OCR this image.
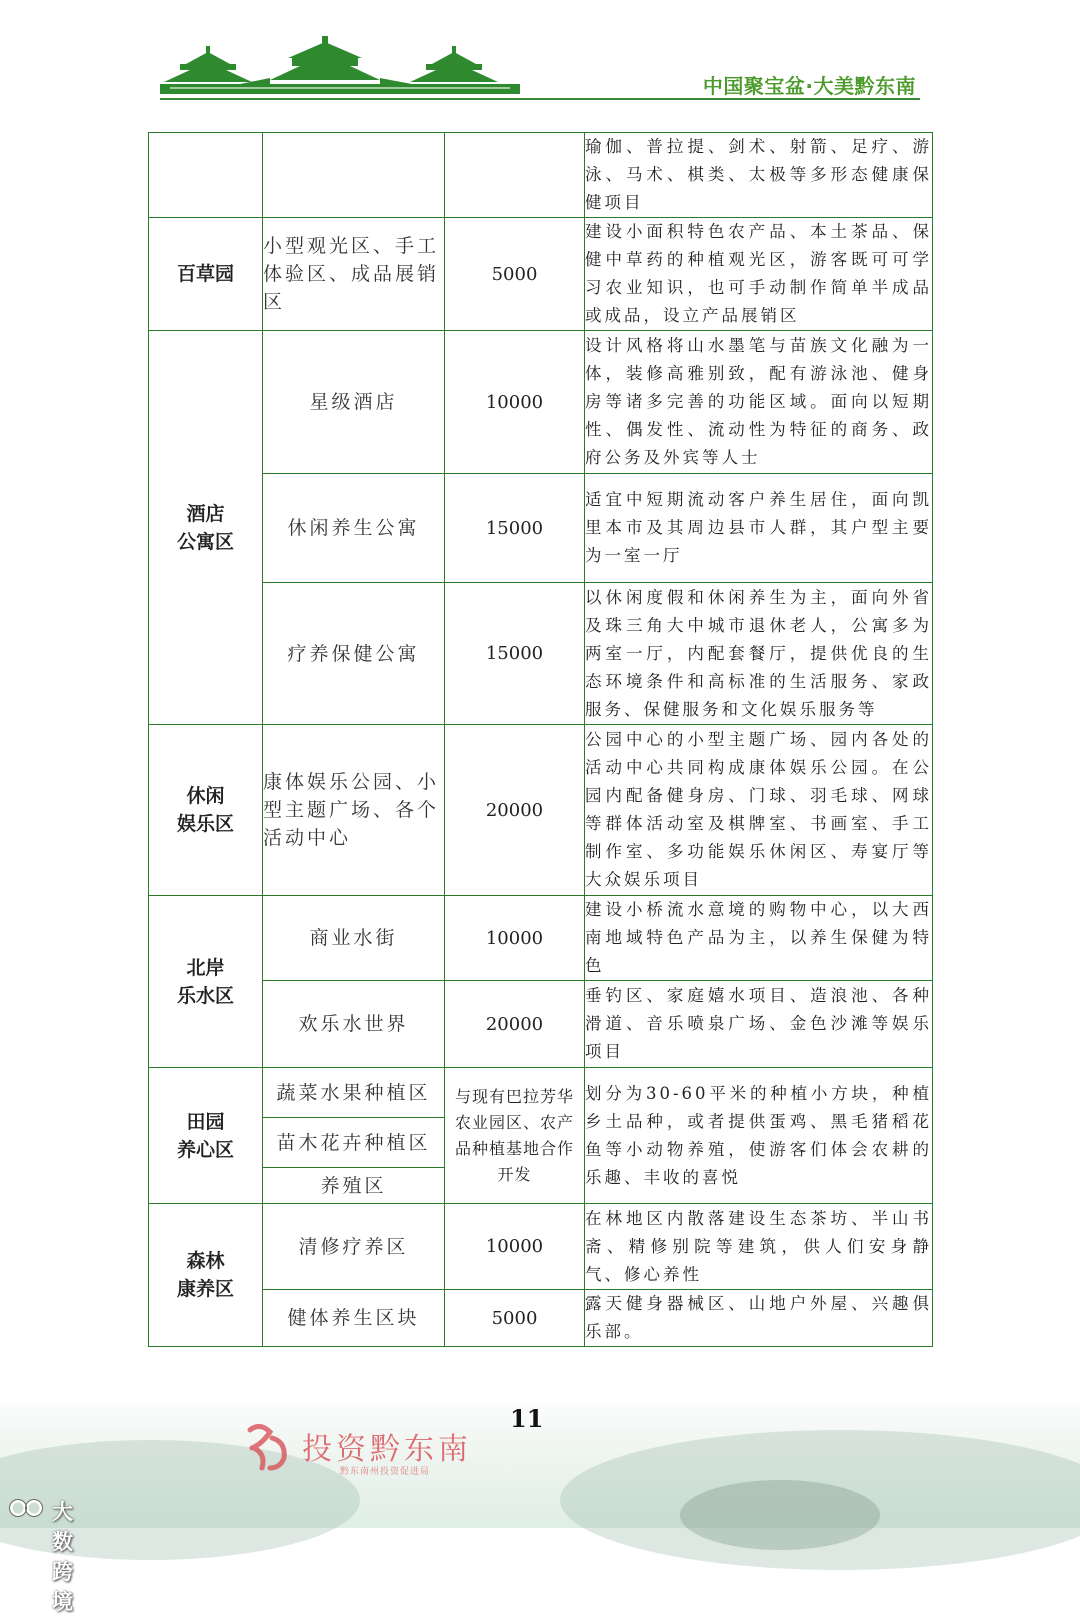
中国聚宝盆·大美黔东南
			瑜伽、普拉提、剑术、射箭、足疗、游泳、马术、棋类、太极等多形态健康保健项目
百草园	小型观光区、手工体验区、成品展销区	5000	建设小面积特色农产品、本土茶品、保健中草药的种植观光区，游客既可可学习农业知识，也可手动制作简单半成品或成品，设立产品展销区

酒店
公寓区	星级酒店	10000	设计风格将山水墨笔与苗族文化融为一体，装修高雅别致，配有游泳池、健身房等诸多完善的功能区域。面向以短期性、偶发性、流动性为特征的商务、政府公务及外宾等人士
	休闲养生公寓	15000	适宜中短期流动客户养生居住，面向凯里本市及其周边县市人群，其户型主要为一室一厅
	疗养保健公寓	15000	以休闲度假和休闲养生为主，面向外省及珠三角大中城市退休老人，公寓多为两室一厅，内配套餐厅，提供优良的生态环境条件和高标准的生活服务、家政服务、保健服务和文化娱乐服务等

休闲
娱乐区	康体娱乐公园、小型主题广场、各个活动中心	20000	公园中心的小型主题广场、园内各处的活动中心共同构成康体娱乐公园。在公园内配备健身房、门球、羽毛球、网球等群体活动室及棋牌室、书画室、手工制作室、多功能娱乐休闲区、寿宴厅等大众娱乐项目

北岸
乐水区	商业水街	10000	建设小桥流水意境的购物中心，以大西南地域特色产品为主，以养生保健为特色
	欢乐水世界	20000	垂钓区、家庭嬉水项目、造浪池、各种滑道、音乐喷泉广场、金色沙滩等娱乐项目

田园
养心区	蔬菜水果种植区	与现有巴拉芳华农业园区、农产品种植基地合作开发	划分为30-60平米的种植小方块，种植乡土品种，或者提供蛋鸡、黑毛猪稻花鱼等小动物养殖，使游客们体会农耕的乐趣、丰收的喜悦
	苗木花卉种植区		
	养殖区		

森林
康养区	清修疗养区	10000	在林地区内散落建设生态茶坊、半山书斋、精修别院等建筑，供人们安身静气、修心养性
	健体养生区块	5000	露天健身器械区、山地户外屋、兴趣俱乐部。
11
投资黔东南
黔东南州投资促进局
大数跨境
